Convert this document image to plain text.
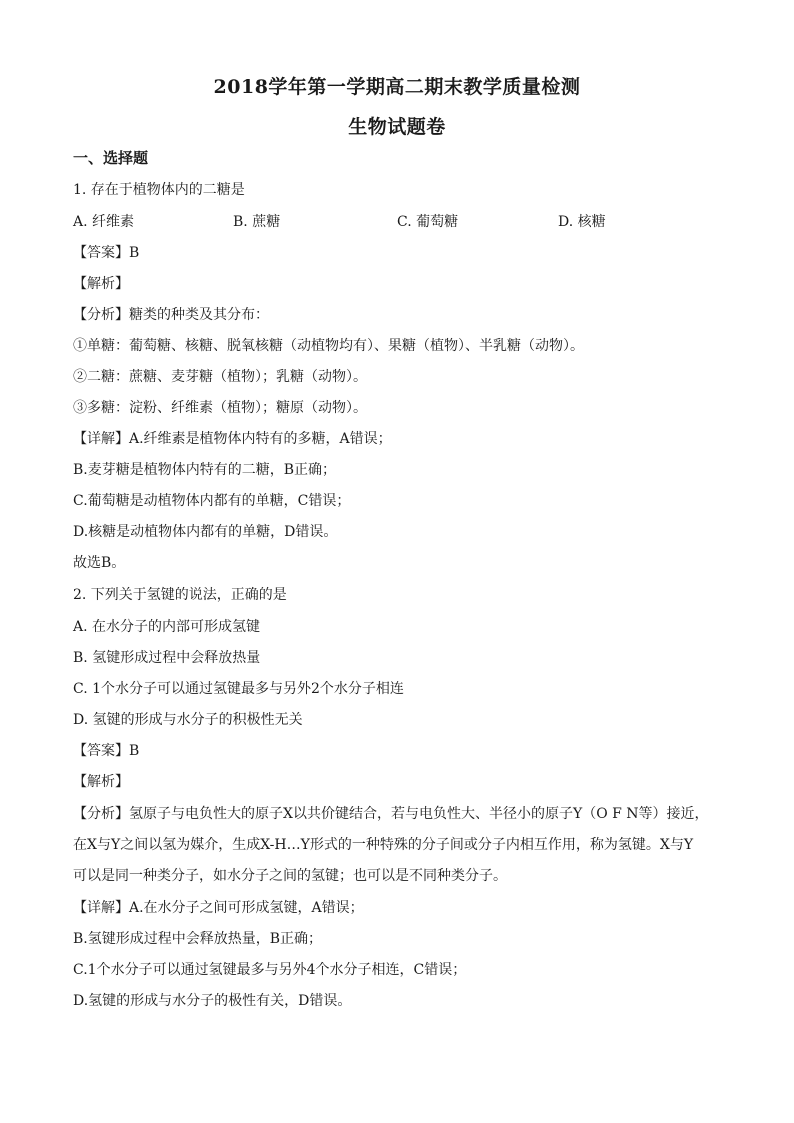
2018学年第一学期高二期末教学质量检测
生物试题卷
一、选择题
1. 存在于植物体内的二糖是
A. 纤维素	B. 蔗糖	C. 葡萄糖	D. 核糖
【答案】B
【解析】
【分析】糖类的种类及其分布：
①单糖：葡萄糖、核糖、脱氧核糖（动植物均有）、果糖（植物）、半乳糖（动物）。
②二糖：蔗糖、麦芽糖（植物）；乳糖（动物）。
③多糖：淀粉、纤维素（植物）；糖原（动物）。
【详解】A.纤维素是植物体内特有的多糖，A错误；
B.麦芽糖是植物体内特有的二糖，B正确；
C.葡萄糖是动植物体内都有的单糖，C错误；
D.核糖是动植物体内都有的单糖，D错误。
故选B。
2. 下列关于氢键的说法，正确的是
A. 在水分子的内部可形成氢键
B. 氢键形成过程中会释放热量
C. 1个水分子可以通过氢键最多与另外2个水分子相连
D. 氢键的形成与水分子的积极性无关
【答案】B
【解析】
【分析】氢原子与电负性大的原子X以共价键结合，若与电负性大、半径小的原子Y（O F N等）接近，
在X与Y之间以氢为媒介，生成X-H…Y形式的一种特殊的分子间或分子内相互作用，称为氢键。X与Y
可以是同一种类分子，如水分子之间的氢键；也可以是不同种类分子。
【详解】A.在水分子之间可形成氢键，A错误；
B.氢键形成过程中会释放热量，B正确；
C.1个水分子可以通过氢键最多与另外4个水分子相连，C错误；
D.氢键的形成与水分子的极性有关，D错误。
